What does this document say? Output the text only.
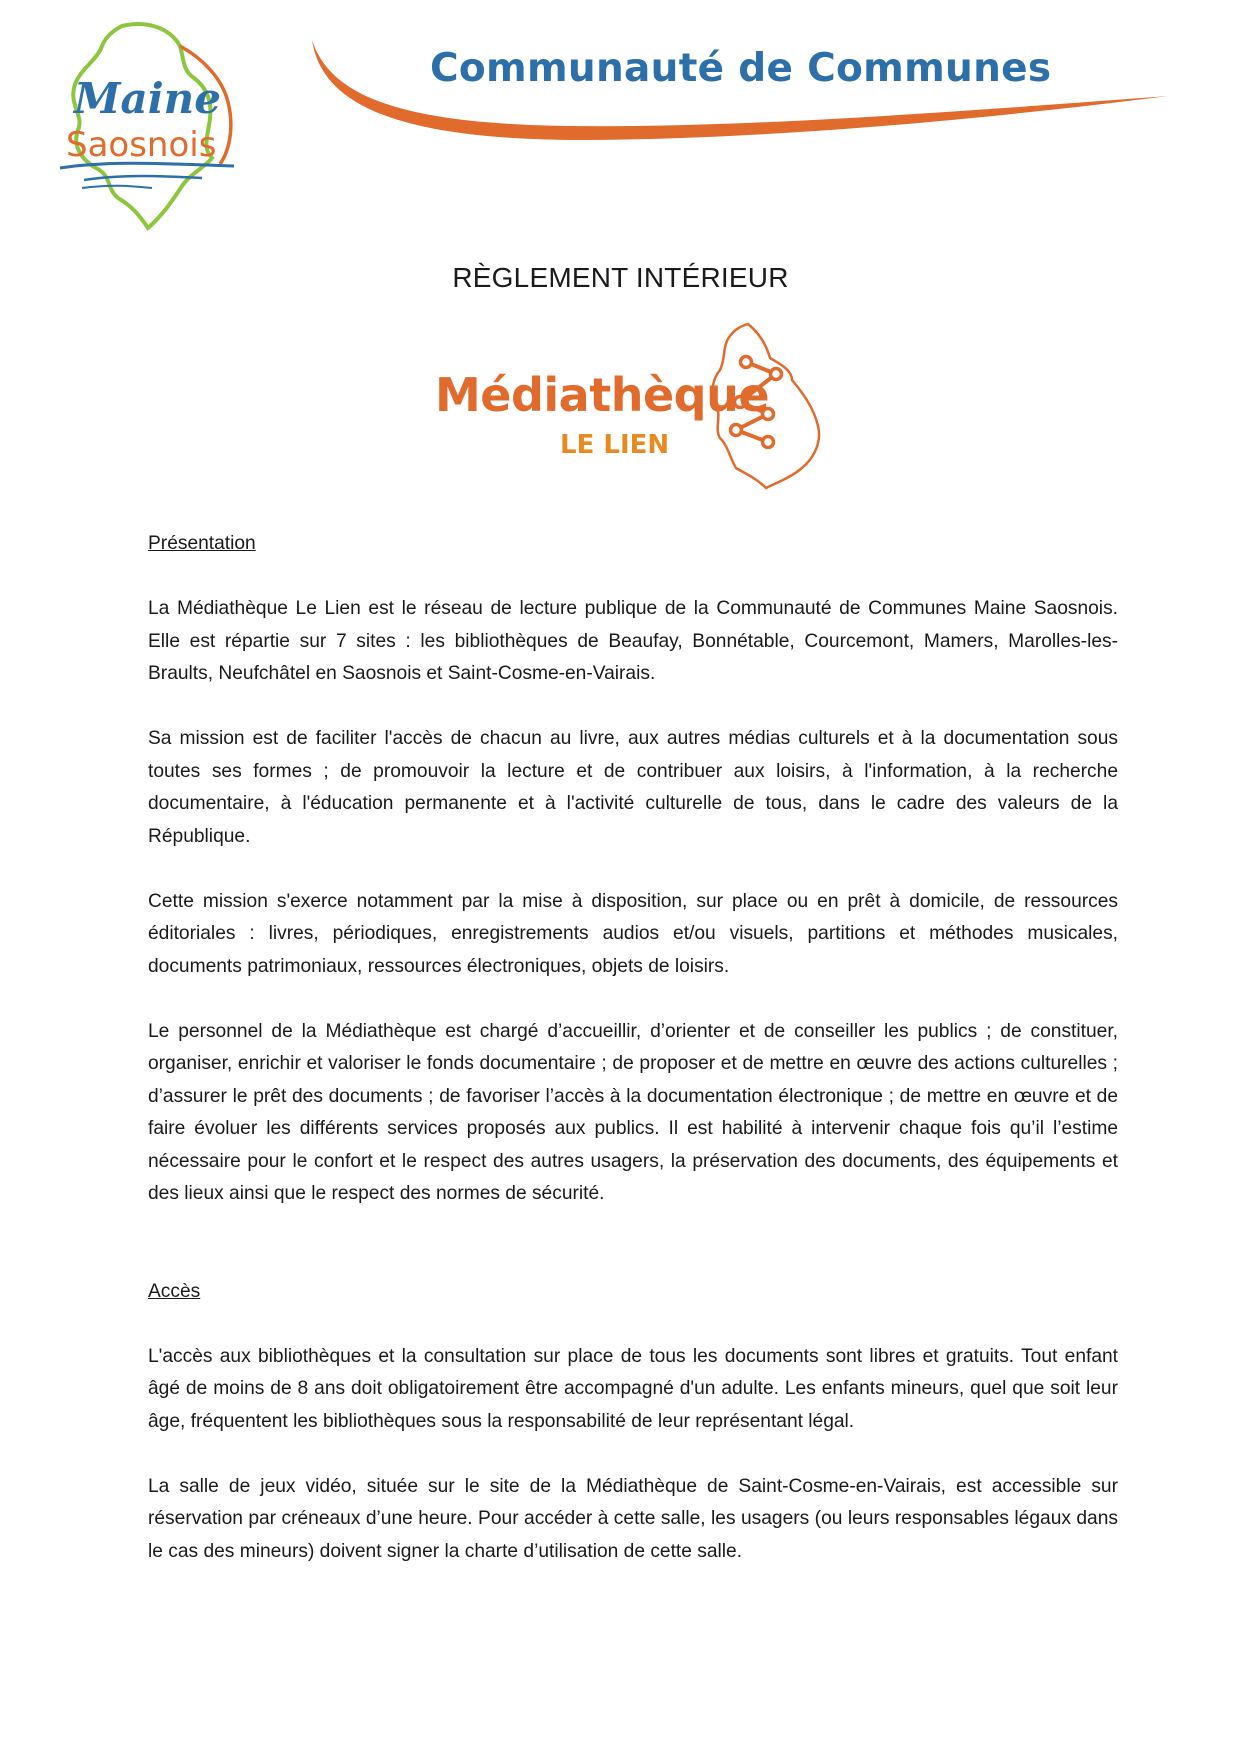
Maine
Saosnois
Communauté de Communes
RÈGLEMENT INTÉRIEUR
Médiathèque
LE LIEN
Présentation

La Médiathèque Le Lien est le réseau de lecture publique de la Communauté de Communes Maine Saosnois. Elle est répartie sur 7 sites : les bibliothèques de Beaufay, Bonnétable, Courcemont, Mamers, Marolles-les-Braults, Neufchâtel en Saosnois et Saint-Cosme-en-Vairais.

Sa mission est de faciliter l'accès de chacun au livre, aux autres médias culturels et à la documentation sous toutes ses formes ; de promouvoir la lecture et de contribuer aux loisirs, à l'information, à la recherche documentaire, à l'éducation permanente et à l'activité culturelle de tous, dans le cadre des valeurs de la République.

Cette mission s'exerce notamment par la mise à disposition, sur place ou en prêt à domicile, de ressources éditoriales : livres, périodiques, enregistrements audios et/ou visuels, partitions et méthodes musicales, documents patrimoniaux, ressources électroniques, objets de loisirs.

Le personnel de la Médiathèque est chargé d’accueillir, d’orienter et de conseiller les publics ; de constituer, organiser, enrichir et valoriser le fonds documentaire ; de proposer et de mettre en œuvre des actions culturelles ; d’assurer le prêt des documents ; de favoriser l’accès à la documentation électronique ; de mettre en œuvre et de faire évoluer les différents services proposés aux publics. Il est habilité à intervenir chaque fois qu’il l’estime nécessaire pour le confort et le respect des autres usagers, la préservation des documents, des équipements et des lieux ainsi que le respect des normes de sécurité.

Accès

L'accès aux bibliothèques et la consultation sur place de tous les documents sont libres et gratuits. Tout enfant âgé de moins de 8 ans doit obligatoirement être accompagné d'un adulte. Les enfants mineurs, quel que soit leur âge, fréquentent les bibliothèques sous la responsabilité de leur représentant légal.

La salle de jeux vidéo, située sur le site de la Médiathèque de Saint-Cosme-en-Vairais, est accessible sur réservation par créneaux d’une heure. Pour accéder à cette salle, les usagers (ou leurs responsables légaux dans le cas des mineurs) doivent signer la charte d’utilisation de cette salle.
